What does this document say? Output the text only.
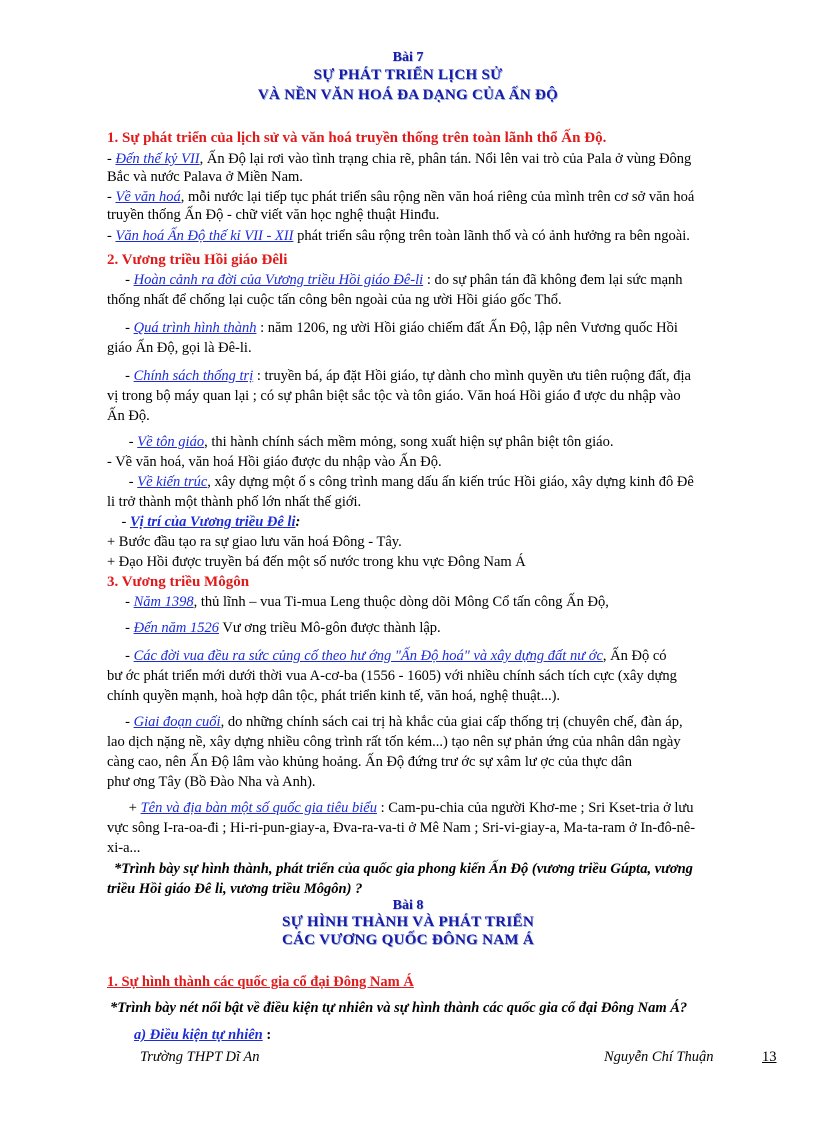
Bài 7
SỰ PHÁT TRIỂN LỊCH SỬ
VÀ NỀN VĂN HOÁ ĐA DẠNG CỦA ẤN ĐỘ
1. Sự phát triển của lịch sử và văn hoá truyền thống trên toàn lãnh thổ Ấn Độ.
- Đến thế kỷ VII, Ấn Độ lại rơi vào tình trạng chia rẽ, phân tán. Nổi lên vai trò của Pala ở vùng Đông
Bắc và nước Palava ở Miền Nam.
- Về văn hoá, mỗi nước lại tiếp tục phát triển sâu rộng nền văn hoá riêng của mình trên cơ sở văn hoá
truyền thống Ấn Độ - chữ viết văn học nghệ thuật Hinđu.
- Văn hoá Ấn Độ thế kỉ VII - XII phát triển sâu rộng trên toàn lãnh thổ và có ảnh hưởng ra bên ngoài.
2. Vương triều Hồi giáo Đêli
- Hoàn cảnh ra đời của Vương triều Hồi giáo Đê-li : do sự phân tán đã không đem lại sức mạnh
thống nhất để chống lại cuộc tấn công bên ngoài của ng ười Hồi giáo gốc Thổ.
- Quá trình hình thành : năm 1206, ng ười Hồi giáo chiếm đất Ấn Độ, lập nên Vương quốc Hồi
giáo Ấn Độ, gọi là Đê-li.
- Chính sách thống trị : truyền bá, áp đặt Hồi giáo, tự dành cho mình quyền ưu tiên ruộng đất, địa
vị trong bộ máy quan lại ; có sự phân biệt sắc tộc và tôn giáo. Văn hoá Hồi giáo đ ược du nhập vào
Ấn Độ.
- Về tôn giáo, thi hành chính sách mềm mỏng, song xuất hiện sự phân biệt tôn giáo.
- Về văn hoá, văn hoá Hồi giáo được du nhập vào Ấn Độ.
- Về kiến trúc, xây dựng một ố s công trình mang dấu ấn kiến trúc Hồi giáo, xây dựng kinh đô Đê
li trở thành một thành phố lớn nhất thế giới.
- Vị trí của Vương triều Đê li:
+ Bước đầu tạo ra sự giao lưu văn hoá Đông - Tây.
+ Đạo Hồi được truyền bá đến một số nước trong khu vực Đông Nam Á
3. Vương triều Môgôn
- Năm 1398, thủ lĩnh – vua Ti-mua Leng thuộc dòng dõi Mông Cổ tấn công Ấn Độ,
- Đến năm 1526 Vư ơng triều Mô-gôn được thành lập.
- Các đời vua đều ra sức củng cố theo hư ớng "Ấn Độ hoá" và xây dựng đất nư ớc, Ấn Độ có
bư ớc phát triển mới dưới thời vua A-cơ-ba (1556 - 1605) với nhiều chính sách tích cực (xây dựng
chính quyền mạnh, hoà hợp dân tộc, phát triển kinh tế, văn hoá, nghệ thuật...).
- Giai đoạn cuối, do những chính sách cai trị hà khắc của giai cấp thống trị (chuyên chế, đàn áp,
lao dịch nặng nề, xây dựng nhiều công trình rất tốn kém...) tạo nên sự phản ứng của nhân dân ngày
càng cao, nên Ấn Độ lâm vào khủng hoảng. Ấn Độ đứng trư ớc sự xâm lư ợc của thực dân
phư ơng Tây (Bồ Đào Nha và Anh).
+ Tên và địa bàn một số quốc gia tiêu biểu : Cam-pu-chia của người Khơ-me ; Sri Kset-tria ở lưu
vực sông I-ra-oa-đi ; Hi-ri-pun-giay-a, Đva-ra-va-ti ở Mê Nam ; Sri-vi-giay-a, Ma-ta-ram ở In-đô-nê-
xi-a...
*Trình bày sự hình thành, phát triển của quốc gia phong kiến Ấn Độ (vương triều Gúpta, vương
triều Hồi giáo Đê li, vương triều Môgôn) ?
Bài 8
SỰ HÌNH THÀNH VÀ PHÁT TRIỂN
CÁC VƯƠNG QUỐC ĐÔNG NAM Á
1. Sự hình thành các quốc gia cổ đại Đông Nam Á
*Trình bày nét nổi bật về điều kiện tự nhiên và sự hình thành các quốc gia cổ đại Đông Nam Á?
a) Điều kiện tự nhiên :
Trường THPT Dĩ An	Nguyễn Chí Thuận	13
